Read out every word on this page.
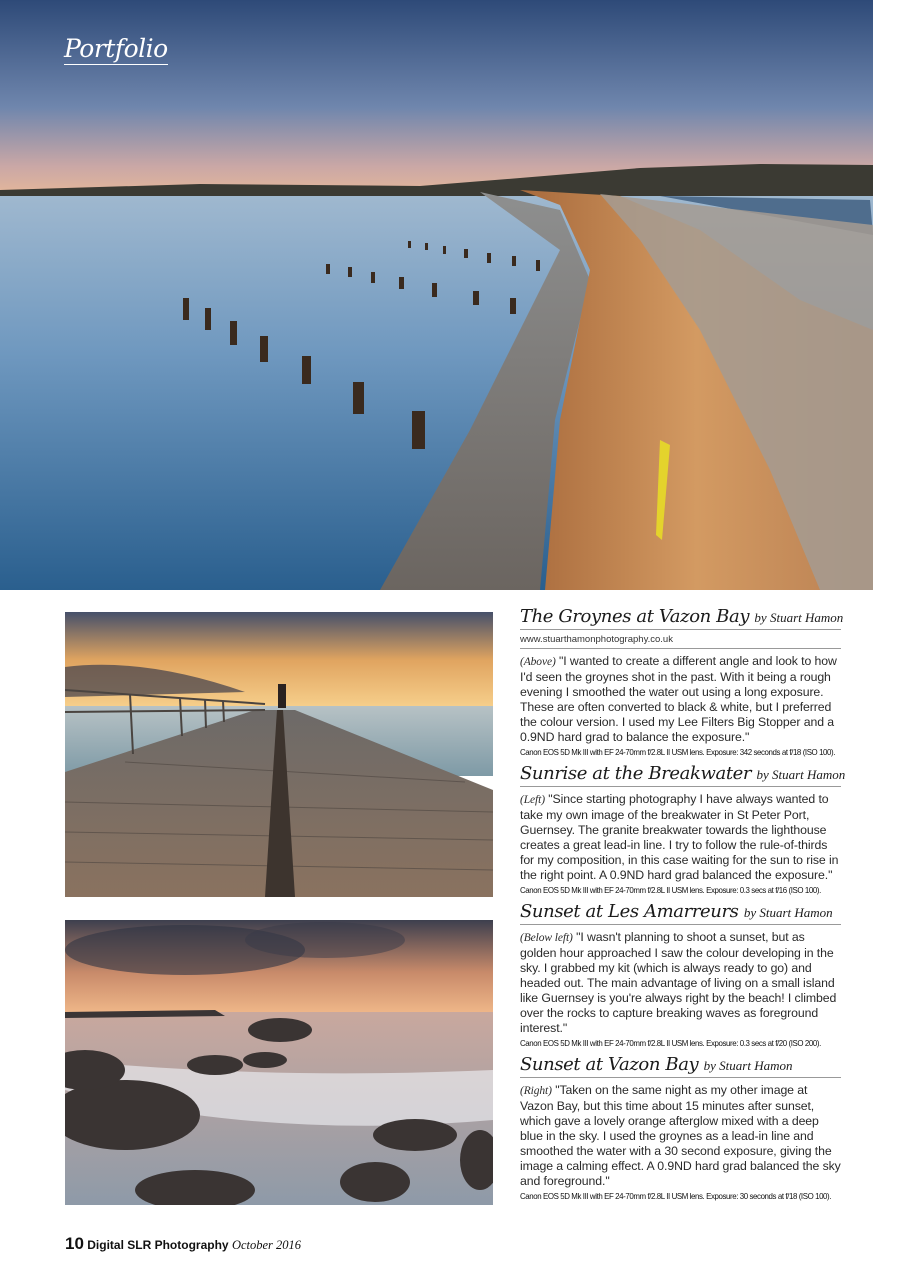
Portfolio
The Groynes at Vazon Bay by Stuart Hamon
www.stuarthamonphotography.co.uk
(Above) "I wanted to create a different angle and look to how I'd seen the groynes shot in the past. With it being a rough evening I smoothed the water out using a long exposure. These are often converted to black & white, but I preferred the colour version. I used my Lee Filters Big Stopper and a 0.9ND hard grad to balance the exposure."
Canon EOS 5D Mk III with EF 24-70mm f/2.8L II USM lens. Exposure: 342 seconds at f/18 (ISO 100).
Sunrise at the Breakwater by Stuart Hamon
(Left) "Since starting photography I have always wanted to take my own image of the breakwater in St Peter Port, Guernsey. The granite breakwater towards the lighthouse creates a great lead-in line. I try to follow the rule-of-thirds for my composition, in this case waiting for the sun to rise in the right point. A 0.9ND hard grad balanced the exposure."
Canon EOS 5D Mk III with EF 24-70mm f/2.8L II USM lens. Exposure: 0.3 secs at f/16 (ISO 100).
Sunset at Les Amarreurs by Stuart Hamon
(Below left) "I wasn't planning to shoot a sunset, but as golden hour approached I saw the colour developing in the sky. I grabbed my kit (which is always ready to go) and headed out. The main advantage of living on a small island like Guernsey is you're always right by the beach! I climbed over the rocks to capture breaking waves as foreground interest."
Canon EOS 5D Mk III with EF 24-70mm f/2.8L II USM lens. Exposure: 0.3 secs at f/20 (ISO 200).
Sunset at Vazon Bay by Stuart Hamon
(Right) "Taken on the same night as my other image at Vazon Bay, but this time about 15 minutes after sunset, which gave a lovely orange afterglow mixed with a deep blue in the sky. I used the groynes as a lead-in line and smoothed the water with a 30 second exposure, giving the image a calming effect. A 0.9ND hard grad balanced the sky and foreground."
Canon EOS 5D Mk III with EF 24-70mm f/2.8L II USM lens. Exposure: 30 seconds at f/18 (ISO 100).
10 Digital SLR Photography October 2016
